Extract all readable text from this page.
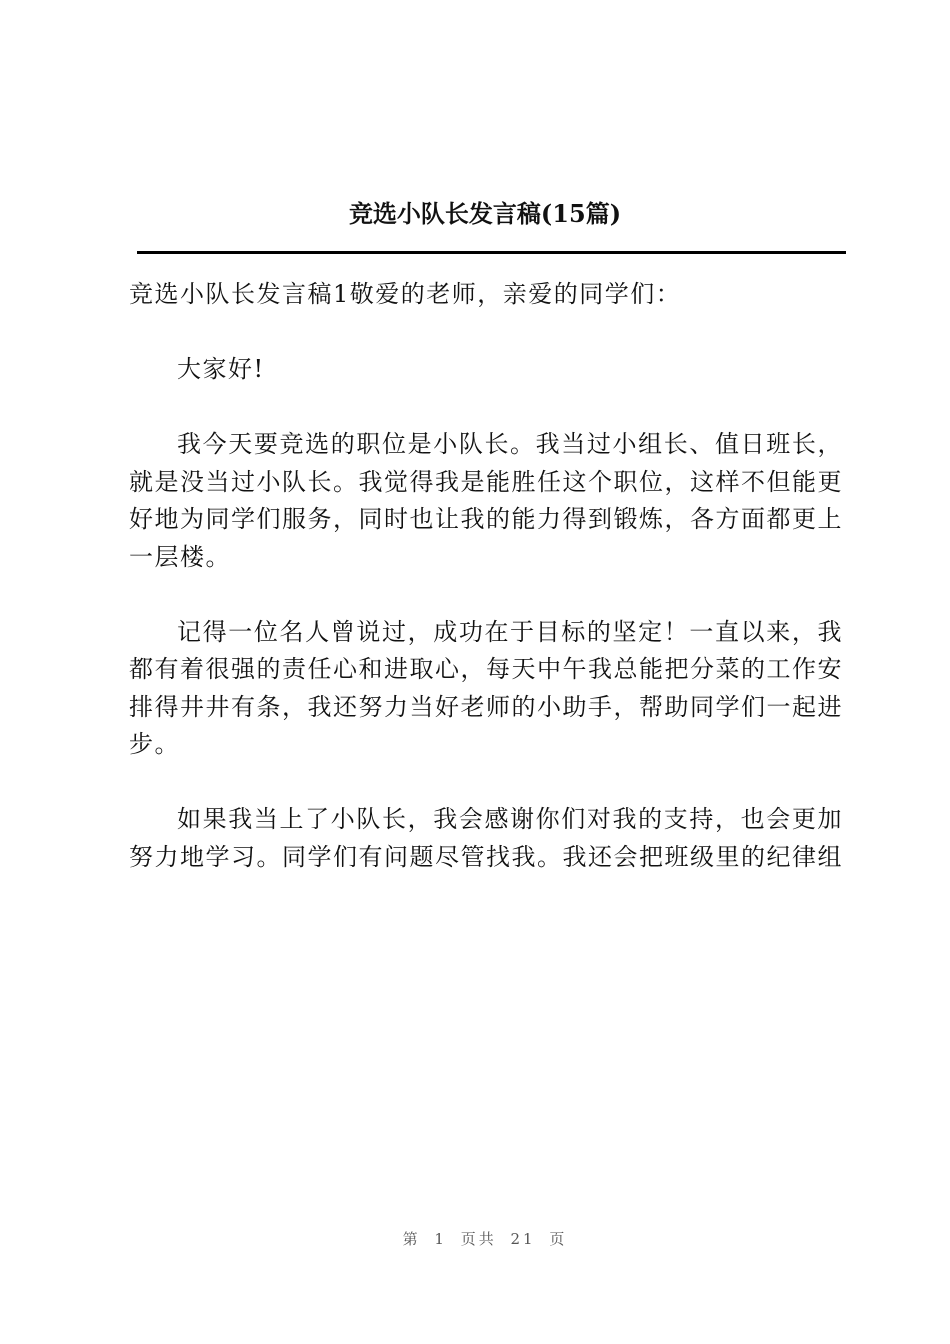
竞选小队长发言稿(15篇)

竞选小队长发言稿1敬爱的老师，亲爱的同学们：

大家好!

我今天要竞选的职位是小队长。我当过小组长、值日班长，就是没当过小队长。我觉得我是能胜任这个职位，这样不但能更好地为同学们服务，同时也让我的能力得到锻炼，各方面都更上一层楼。

记得一位名人曾说过，成功在于目标的坚定！一直以来，我都有着很强的责任心和进取心，每天中午我总能把分菜的工作安排得井井有条，我还努力当好老师的小助手，帮助同学们一起进步。

如果我当上了小队长，我会感谢你们对我的支持，也会更加努力地学习。同学们有问题尽管找我。我还会把班级里的纪律组

第 1 页共 21 页
